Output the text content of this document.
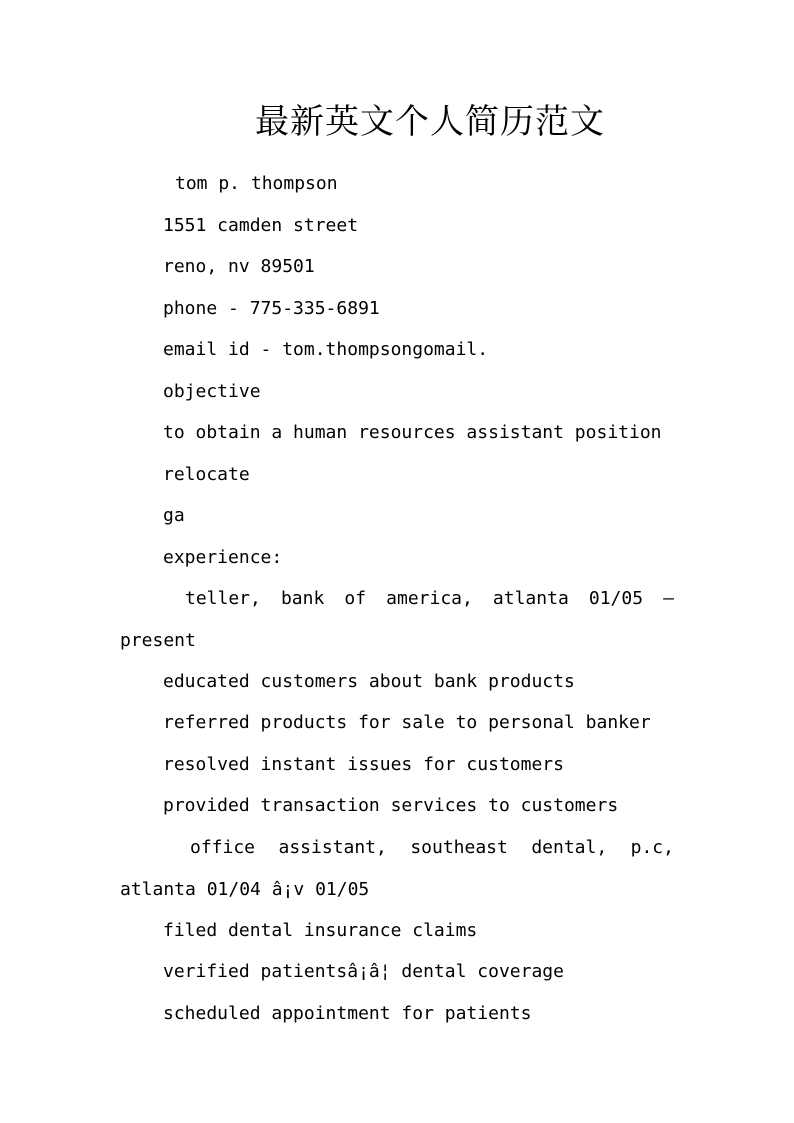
最新英文个人简历范文
tom p. thompson
1551 camden street
reno, nv 89501
phone - 775-335-6891
email id - tom.thompsongomail.
objective
to obtain a human resources assistant position
relocate
ga
experience:
teller, bank of america, atlanta 01/05 –
present
educated customers about bank products
referred products for sale to personal banker
resolved instant issues for customers
provided transaction services to customers
office assistant, southeast dental, p.c,
atlanta 01/04 â¡v 01/05
filed dental insurance claims
verified patientsâ¡â¦ dental coverage
scheduled appointment for patients
